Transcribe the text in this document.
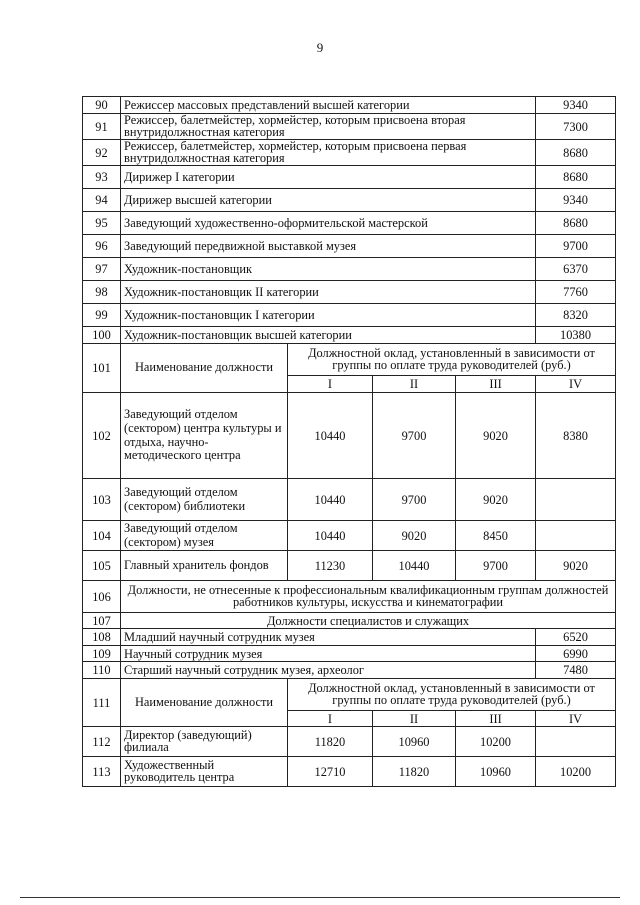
9
90	Режиссер массовых представлений высшей категории				9340
91	Режиссер, балетмейстер, хормейстер, которым присвоена вторая внутридолжностная категория				7300
92	Режиссер, балетмейстер, хормейстер, которым присвоена первая внутридолжностная категория				8680
93	Дирижер I категории				8680
94	Дирижер высшей категории				9340
95	Заведующий художественно-оформительской мастерской				8680
96	Заведующий передвижной выставкой музея				9700
97	Художник-постановщик				6370
98	Художник-постановщик II категории				7760
99	Художник-постановщик I категории				8320
100	Художник-постановщик высшей категории				10380
101	Наименование должности	Должностной оклад, установленный в зависимости от группы по оплате труда руководителей (руб.)			
		I	II	III	IV
102	Заведующий отделом (сектором) центра культуры и отдыха, научно-методического центра	10440	9700	9020	8380
103	Заведующий отделом (сектором) библиотеки	10440	9700	9020	
104	Заведующий отделом (сектором) музея	10440	9020	8450	
105	Главный хранитель фондов	11230	10440	9700	9020
106	Должности, не отнесенные к профессиональным квалификационным группам должностей работников культуры, искусства и кинематографии				
107	Должности специалистов и служащих				
108	Младший научный сотрудник музея				6520
109	Научный сотрудник музея				6990
110	Старший научный сотрудник музея, археолог				7480
111	Наименование должности	Должностной оклад, установленный в зависимости от группы по оплате труда руководителей (руб.)			
		I	II	III	IV
112	Директор (заведующий) филиала	11820	10960	10200	
113	Художественный руководитель центра	12710	11820	10960	10200
